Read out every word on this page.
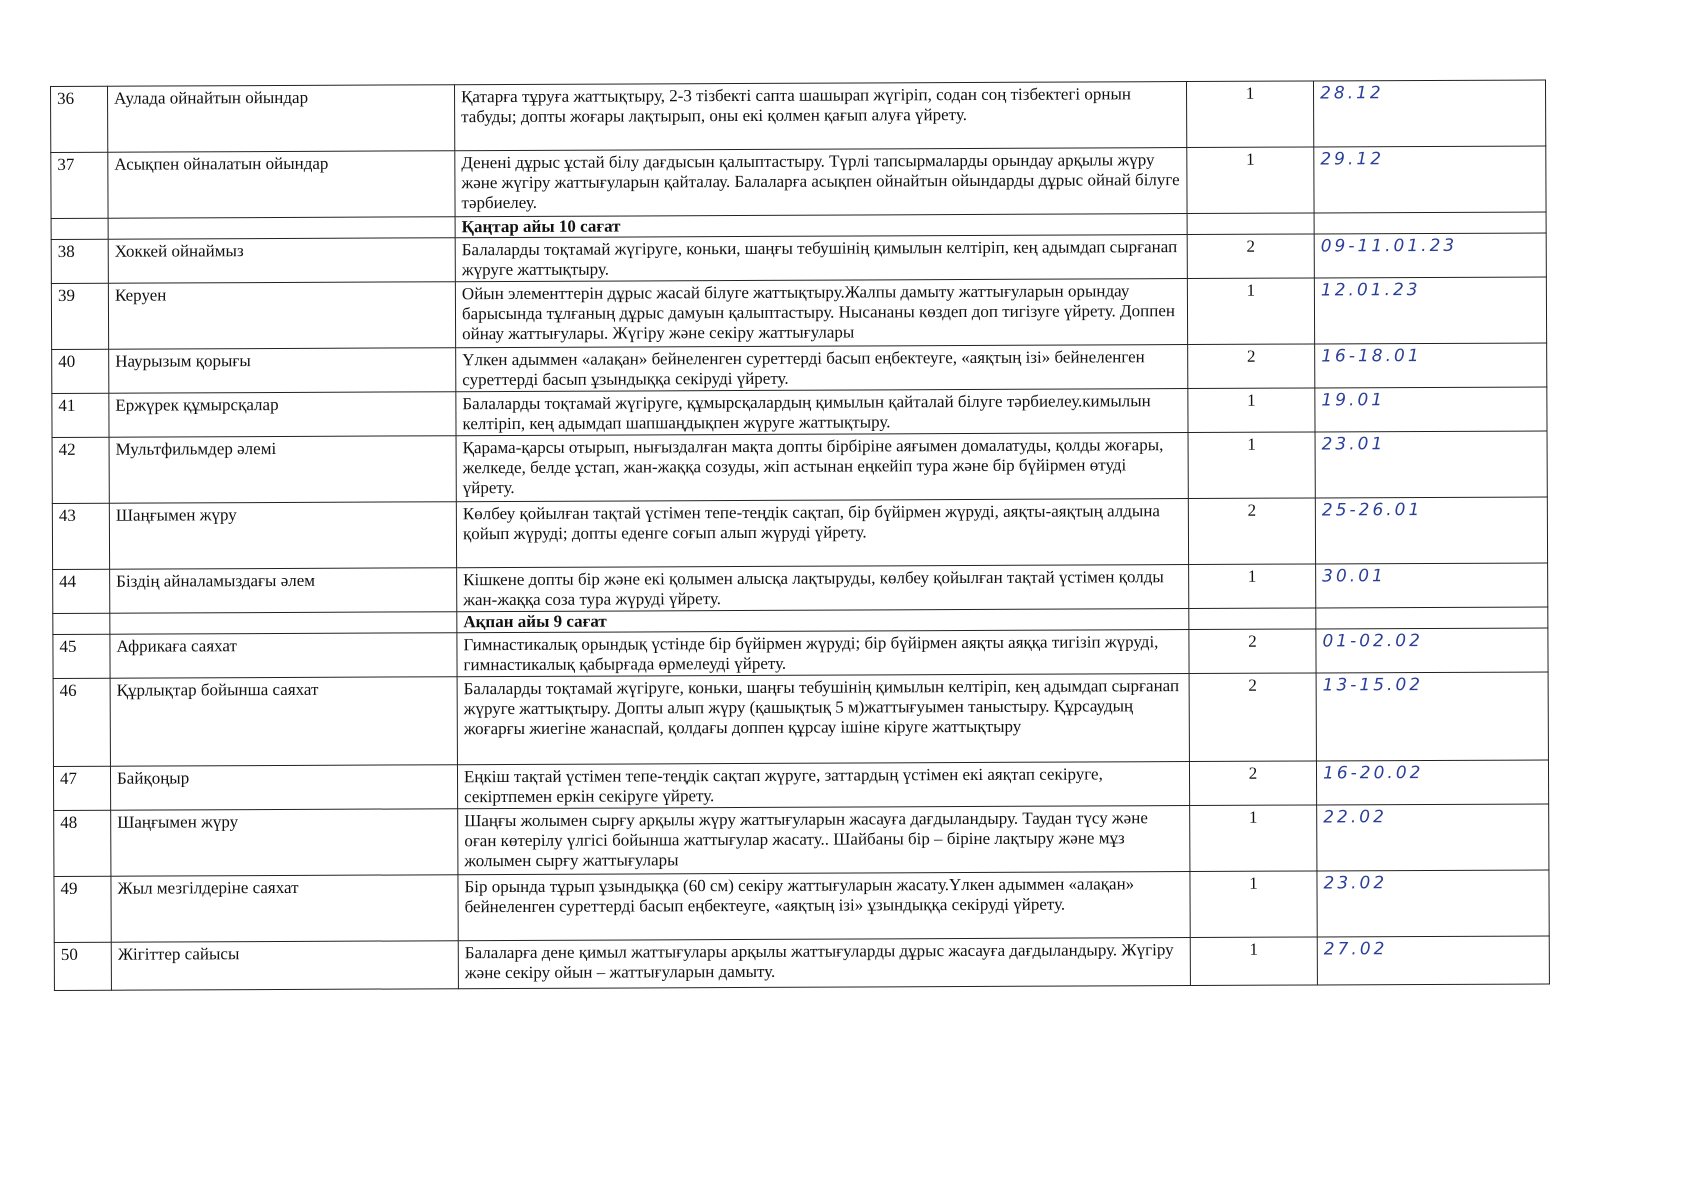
36	Аулада ойнайтын ойындар	Қатарға тұруға жаттықтыру, 2-3 тізбекті сапта шашырап жүгіріп, содан соң тізбектегі орнын табуды; допты жоғары лақтырып, оны екі қолмен қағып алуға үйрету.	1	28.12
37	Асықпен ойналатын ойындар	Денені дұрыс ұстай білу дағдысын қалыптастыру. Түрлі тапсырмаларды орындау арқылы жүру және жүгіру жаттығуларын қайталау. Балаларға асықпен ойнайтын ойындарды дұрыс ойнай білуге тәрбиелеу.	1	29.12
		Қаңтар айы 10 сағат		
38	Хоккей ойнаймыз	Балаларды тоқтамай жүгіруге, коньки, шаңғы тебушінің қимылын келтіріп, кең адымдап сырғанап жүруге жаттықтыру.	2	09-11.01.23
39	Керуен	Ойын элементтерін дұрыс жасай білуге жаттықтыру.Жалпы дамыту жаттығуларын орындау барысында тұлғаның дұрыс дамуын қалыптастыру. Нысананы көздеп доп тигізуге үйрету. Доппен ойнау жаттығулары. Жүгіру және секіру жаттығулары	1	12.01.23
40	Наурызым қорығы	Үлкен адыммен «алақан» бейнеленген суреттерді басып еңбектеуге, «аяқтың ізі» бейнеленген суреттерді басып ұзындыққа секіруді үйрету.	2	16-18.01
41	Ержүрек құмырсқалар	Балаларды тоқтамай жүгіруге, құмырсқалардың қимылын қайталай білуге тәрбиелеу.кимылын келтіріп, кең адымдап шапшаңдықпен жүруге жаттықтыру.	1	19.01
42	Мультфильмдер әлемі	Қарама-қарсы отырып, нығыздалған мақта допты бірбіріне аяғымен домалатуды, қолды жоғары, желкеде, белде ұстап, жан-жаққа созуды, жіп астынан еңкейіп тура және бір бүйірмен өтуді үйрету.	1	23.01
43	Шаңғымен жүру	Көлбеу қойылған тақтай үстімен тепе-теңдік сақтап, бір бүйірмен жүруді, аяқты-аяқтың алдына қойып жүруді; допты еденге соғып алып жүруді үйрету.	2	25-26.01
44	Біздің айналамыздағы әлем	Кішкене допты бір және екі қолымен алысқа лақтыруды, көлбеу қойылған тақтай үстімен қолды жан-жаққа соза тура жүруді үйрету.	1	30.01
		Ақпан айы 9 сағат		
45	Африкаға саяхат	Гимнастикалық орындық үстінде бір бүйірмен жүруді; бір бүйірмен аяқты аяққа тигізіп жүруді, гимнастикалық қабырғада өрмелеуді үйрету.	2	01-02.02
46	Құрлықтар бойынша саяхат	Балаларды тоқтамай жүгіруге, коньки, шаңғы тебушінің қимылын келтіріп, кең адымдап сырғанап жүруге жаттықтыру. Допты алып жүру (қашықтық 5 м)жаттығуымен таныстыру. Құрсаудың жоғарғы жиегіне жанаспай, қолдағы доппен құрсау ішіне кіруге жаттықтыру	2	13-15.02
47	Байқоңыр	Еңкіш тақтай үстімен тепе-теңдік сақтап жүруге, заттардың үстімен екі аяқтап секіруге, секіртпемен еркін секіруге үйрету.	2	16-20.02
48	Шаңғымен жүру	Шаңғы жолымен сырғу арқылы жүру жаттығуларын жасауға дағдыландыру. Таудан түсу және оған көтерілу үлгісі бойынша жаттығулар жасату.. Шайбаны бір – біріне лақтыру және мұз жолымен сырғу жаттығулары	1	22.02
49	Жыл мезгілдеріне саяхат	Бір орында тұрып ұзындыққа (60 см) секіру жаттығуларын жасату.Үлкен адыммен «алақан» бейнеленген суреттерді басып еңбектеуге, «аяқтың ізі» ұзындыққа секіруді үйрету.	1	23.02
50	Жігіттер сайысы	Балаларға дене қимыл жаттығулары арқылы жаттығуларды дұрыс жасауға дағдыландыру. Жүгіру және секіру ойын – жаттығуларын дамыту.	1	27.02
